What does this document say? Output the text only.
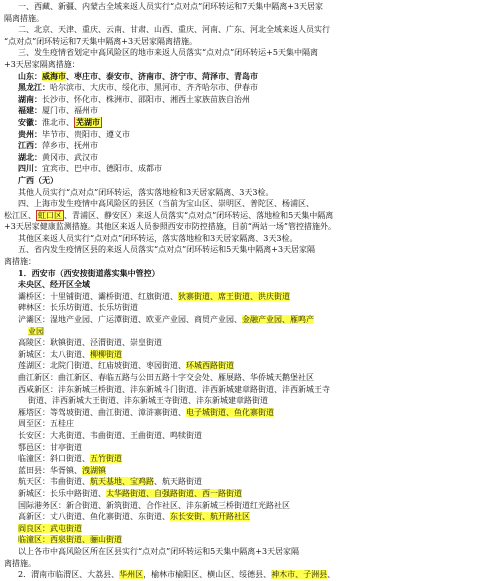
一、西藏、新疆、内蒙古全域来返人员实行“点对点”闭环转运和7天集中隔离+3天居家
隔离措施。
二、北京、天津、重庆、云南、甘肃、山西、重庆、河南、广东、河北全域来返人员实行
“点对点”闭环转运和7天集中隔离+3天居家隔离措施。
三、发生疫情省划定中高风险区的地市来返人员落实“点对点”闭环转运+5天集中隔离
+3天居家隔离措施：
山东：威海市、枣庄市、泰安市、济南市、济宁市、菏泽市、青岛市
黑龙江：哈尔滨市、大庆市、绥化市、黑河市、齐齐哈尔市、伊春市
湖南：长沙市、怀化市、株洲市、邵阳市、湘西土家族苗族自治州
福建：厦门市、福州市
安徽：淮北市、 芜湖市
贵州：毕节市、贵阳市、遵义市
江西：萍乡市、抚州市
湖北：黄冈市、武汉市
四川：宜宾市、巴中市、德阳市、成都市
广西（无）
其他人员实行“点对点”闭环转运，落实落地检和3天居家隔离、3天3检。
四、上海市发生疫情中高风险区的县区（当前为宝山区、崇明区、普陀区、杨浦区、
松江区、 虹口区 、青浦区、静安区）来返人员落实“点对点”闭环转运、落地检和5天集中隔离
+3天居家健康监测措施。其他区来返人员参照西安市防控措施，目前“两站一场”管控措施外。
其他区来返人员实行“点对点”闭环转运，落实落地检和3天居家隔离、3天3检。
五、省内发生疫情区县的来返人员落实“点对点”闭环转运和5天集中隔离+3天居家隔
离措施：
1．西安市（西安按街道落实集中管控）
未央区、经开区全域
灞桥区：十里铺街道、灞桥街道、红旗街道、狄寨街道、席王街道、洪庆街道
碑林区：长乐坊街道、长乐坊街道
浐灞区：湿地产业园、广运潭街道、欧亚产业园、商贸产业园、金融产业园、雁鸣产
业园
高陵区：耿镇街道、泾渭街道、崇皇街道
新城区：太八街道、柳柳街道
莲湖区：北院门街道、红庙坡街道、枣园街道、环城西路街道
曲江新区：曲江新区、春临五路与公田五路十字交会处、雁展路、华侨城天鹅堡社区
西咸新区：沣东新城三桥街道、沣东新城斗门街道、沣西新城建章路街道、沣西新城王寺
街道、沣西新城大王街道、沣东新城王寺街道、沣东新城建章路街道
雁塔区：等驾坡街道、曲江街道、漳浒寨街道、电子城街道、鱼化寨街道
周至区：五桂庄
长安区：大兆街道、韦曲街道、王曲街道、鸣犊街道
鄠邑区：甘亭街道
临潼区：斜口街道、五竹街道
蓝田县：华胥镇、洩湖镇
航天区：韦曲街道、航天基地、宝鸡路、航天路街道
新城区：长乐中路街道、太华路街道、自强路街道、西一路街道
国际港务区：新合街道、新筑街道、合作社区、沣东新城三桥街道红光路社区
高新区：丈八街道、鱼化寨街道、东街道、东长安街、航开路社区
阎良区：武屯街道
临潼区：西泉街道、骊山街道
以上各市中高风险区所在区县实行“点对点”闭环转运和5天集中隔离+3天居家隔
离措施。
2．渭南市临渭区、大荔县、华州区，榆林市榆阳区、横山区、绥德县、神木市、子洲县、
